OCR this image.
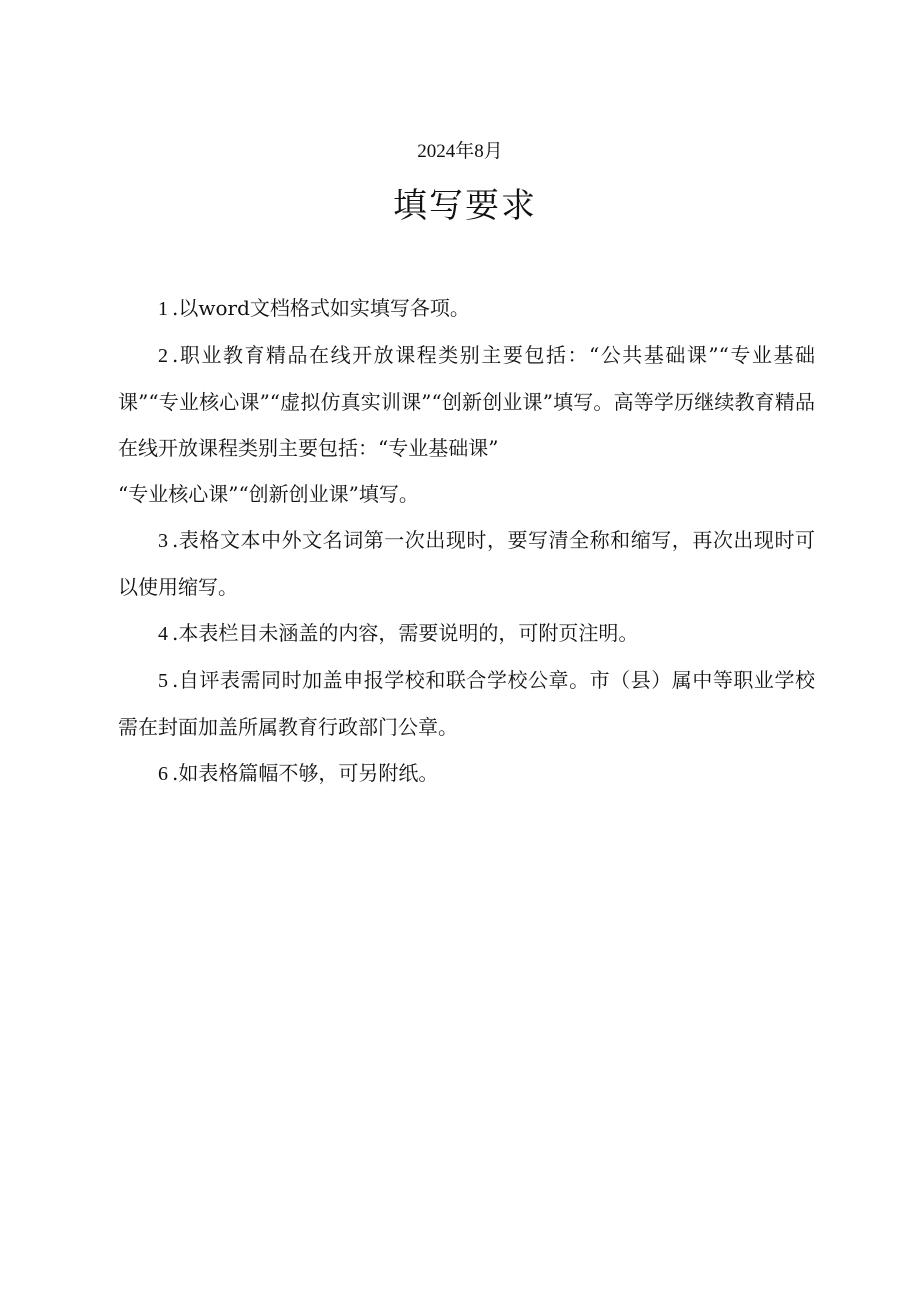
2024年8月
填写要求

1 .以word文档格式如实填写各项。

2 .职业教育精品在线开放课程类别主要包括：“公共基础课”“专业基础课”“专业核心课”“虚拟仿真实训课”“创新创业课”填写。高等学历继续教育精品在线开放课程类别主要包括：“专业基础课”
“专业核心课”“创新创业课”填写。

3 .表格文本中外文名词第一次出现时，要写清全称和缩写，再次出现时可以使用缩写。

4 .本表栏目未涵盖的内容，需要说明的，可附页注明。

5 .自评表需同时加盖申报学校和联合学校公章。市（县）属中等职业学校需在封面加盖所属教育行政部门公章。

6 .如表格篇幅不够，可另附纸。
